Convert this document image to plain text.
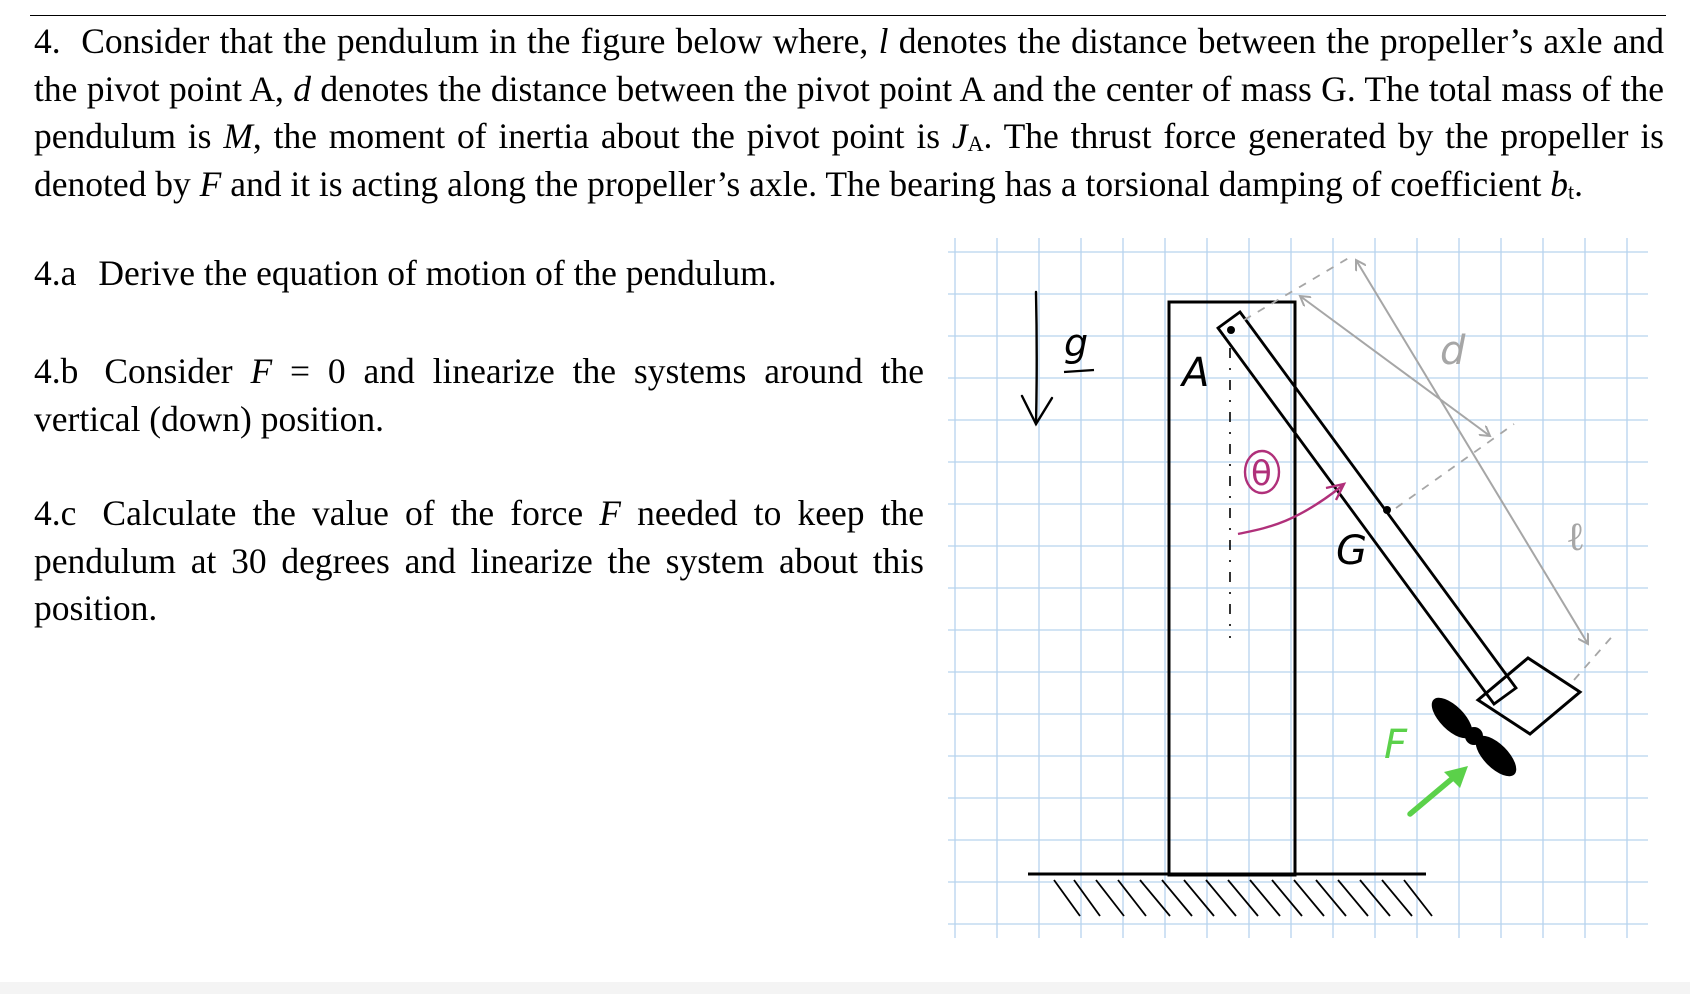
4. Consider that the pendulum in the figure below where, l denotes the distance between the propeller’s axle and the pivot point A, d denotes the distance between the pivot point A and the center of mass G. The total mass of the pendulum is M, the moment of inertia about the pivot point is $J_A$. The thrust force generated by the propeller is denoted by F and it is acting along the propeller’s axle. The bearing has a torsional damping of coefficient $b_t$.

4.a Derive the equation of motion of the pendulum.

4.b Consider F = 0 and linearize the systems around the vertical (down) position.

4.c Calculate the value of the force F needed to keep the pendulum at 30 degrees and linearize the system about this position.

g
A
θ
G
F
d
ℓ
